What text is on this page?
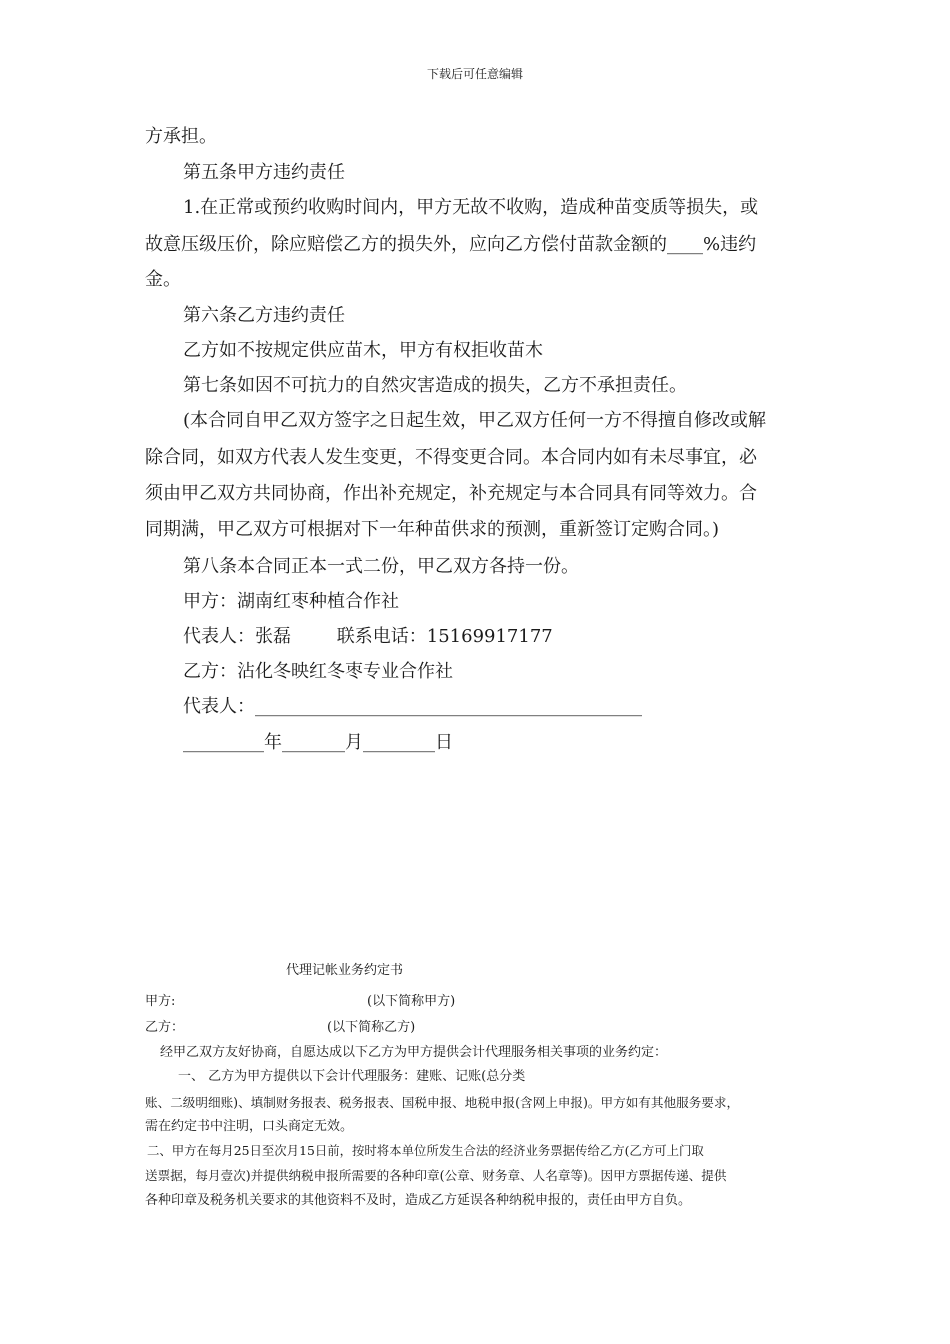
下载后可任意编辑
方承担。
第五条甲方违约责任
1.在正常或预约收购时间内，甲方无故不收购，造成种苗变质等损失，或
故意压级压价，除应赔偿乙方的损失外，应向乙方偿付苗款金额的____%违约
金。
第六条乙方违约责任
乙方如不按规定供应苗木，甲方有权拒收苗木
第七条如因不可抗力的自然灾害造成的损失，乙方不承担责任。
(本合同自甲乙双方签字之日起生效，甲乙双方任何一方不得擅自修改或解
除合同，如双方代表人发生变更，不得变更合同。本合同内如有未尽事宜，必
须由甲乙双方共同协商，作出补充规定，补充规定与本合同具有同等效力。合
同期满，甲乙双方可根据对下一年种苗供求的预测，重新签订定购合同。)
第八条本合同正本一式二份，甲乙双方各持一份。
甲方：湖南红枣种植合作社
代表人：张磊        联系电话：15169917177
乙方：沾化冬映红冬枣专业合作社
代表人：___________________________________________
_________年_______月________日
代理记帐业务约定书
甲方:	(以下简称甲方)
乙方：	(以下简称乙方)
经甲乙双方友好协商，自愿达成以下乙方为甲方提供会计代理服务相关事项的业务约定：
一、 乙方为甲方提供以下会计代理服务：建账、记账(总分类
账、二级明细账)、填制财务报表、税务报表、国税申报、地税申报(含网上申报)。甲方如有其他服务要求，
需在约定书中注明，口头商定无效。
二、甲方在每月25日至次月15日前，按时将本单位所发生合法的经济业务票据传给乙方(乙方可上门取
送票据，每月壹次)并提供纳税申报所需要的各种印章(公章、财务章、人名章等)。因甲方票据传递、提供
各种印章及税务机关要求的其他资料不及时，造成乙方延误各种纳税申报的，责任由甲方自负。
